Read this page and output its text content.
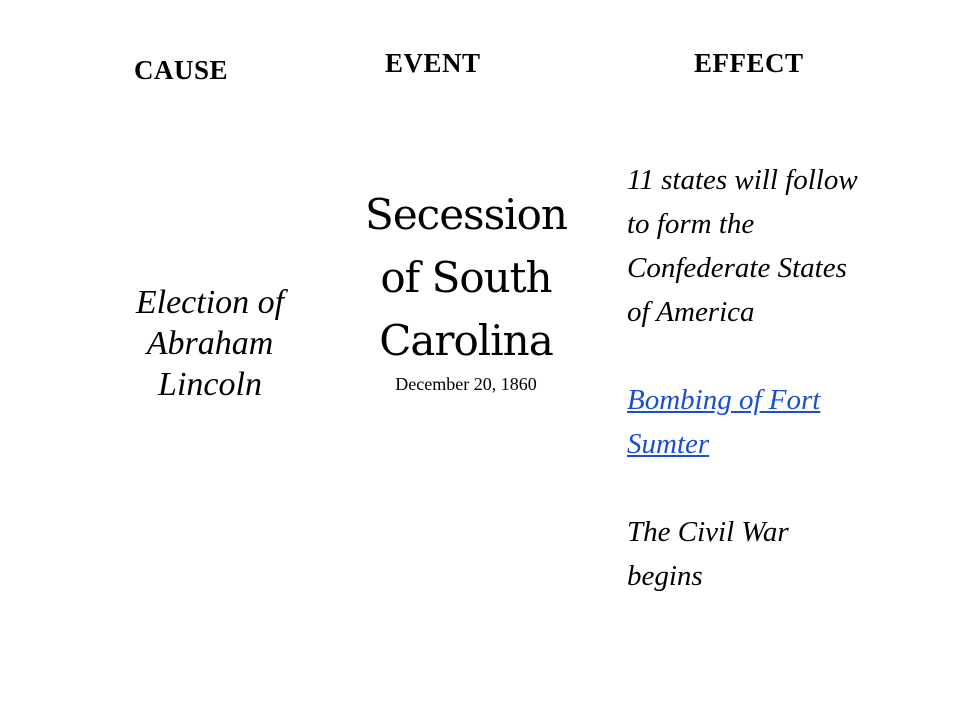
CAUSE	EVENT	EFFECT
Election of
Abraham
Lincoln
Secession
of South
Carolina
December 20, 1860
11 states will follow
to form the
Confederate States
of America
Bombing of Fort
Sumter
The Civil War
begins
